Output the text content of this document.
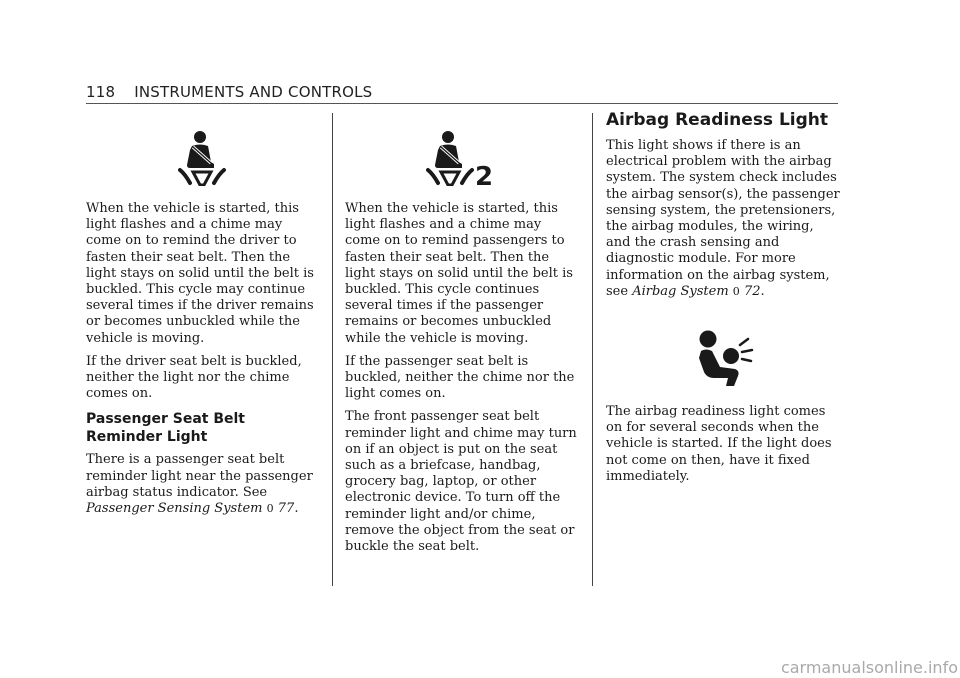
118 INSTRUMENTS AND CONTROLS

When the vehicle is started, this light flashes and a chime may come on to remind the driver to fasten their seat belt. Then the light stays on solid until the belt is buckled. This cycle may continue several times if the driver remains or becomes unbuckled while the vehicle is moving.

If the driver seat belt is buckled, neither the light nor the chime comes on.

Passenger Seat Belt Reminder Light

There is a passenger seat belt reminder light near the passenger airbag status indicator. See Passenger Sensing System 0 77.

2

When the vehicle is started, this light flashes and a chime may come on to remind passengers to fasten their seat belt. Then the light stays on solid until the belt is buckled. This cycle continues several times if the passenger remains or becomes unbuckled while the vehicle is moving.

If the passenger seat belt is buckled, neither the chime nor the light comes on.

The front passenger seat belt reminder light and chime may turn on if an object is put on the seat such as a briefcase, handbag, grocery bag, laptop, or other electronic device. To turn off the reminder light and/or chime, remove the object from the seat or buckle the seat belt.

Airbag Readiness Light

This light shows if there is an electrical problem with the airbag system. The system check includes the airbag sensor(s), the passenger sensing system, the pretensioners, the airbag modules, the wiring, and the crash sensing and diagnostic module. For more information on the airbag system, see Airbag System 0 72.

The airbag readiness light comes on for several seconds when the vehicle is started. If the light does not come on then, have it fixed immediately.

carmanualsonline.info
